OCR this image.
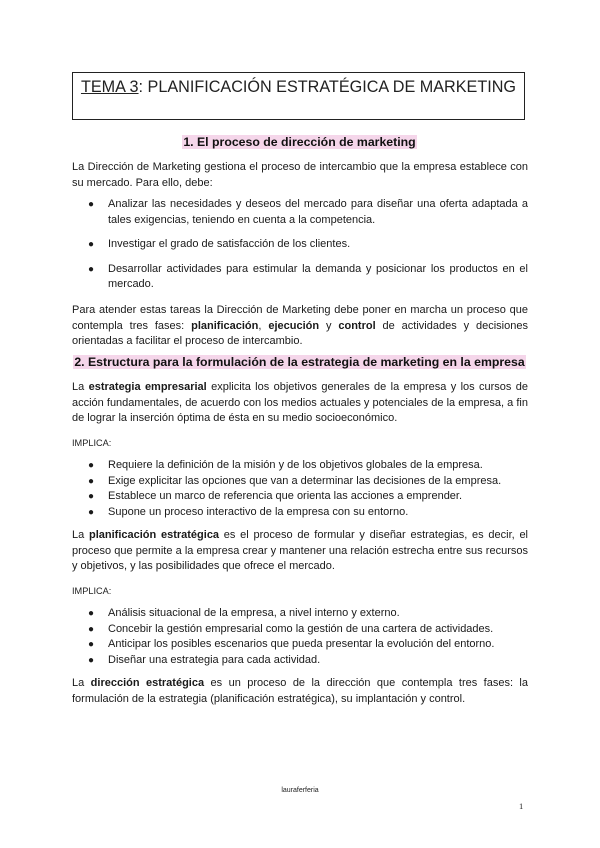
TEMA 3: PLANIFICACIÓN ESTRATÉGICA DE MARKETING
1. El proceso de dirección de marketing
La Dirección de Marketing gestiona el proceso de intercambio que la empresa establece con su mercado. Para ello, debe:
● Analizar las necesidades y deseos del mercado para diseñar una oferta adaptada a tales exigencias, teniendo en cuenta a la competencia.
● Investigar el grado de satisfacción de los clientes.
● Desarrollar actividades para estimular la demanda y posicionar los productos en el mercado.
Para atender estas tareas la Dirección de Marketing debe poner en marcha un proceso que contempla tres fases: planificación, ejecución y control de actividades y decisiones orientadas a facilitar el proceso de intercambio.
2. Estructura para la formulación de la estrategia de marketing en la empresa
La estrategia empresarial explicita los objetivos generales de la empresa y los cursos de acción fundamentales, de acuerdo con los medios actuales y potenciales de la empresa, a fin de lograr la inserción óptima de ésta en su medio socioeconómico.
IMPLICA:
● Requiere la definición de la misión y de los objetivos globales de la empresa.
● Exige explicitar las opciones que van a determinar las decisiones de la empresa.
● Establece un marco de referencia que orienta las acciones a emprender.
● Supone un proceso interactivo de la empresa con su entorno.
La planificación estratégica es el proceso de formular y diseñar estrategias, es decir, el proceso que permite a la empresa crear y mantener una relación estrecha entre sus recursos y objetivos, y las posibilidades que ofrece el mercado.
IMPLICA:
● Análisis situacional de la empresa, a nivel interno y externo.
● Concebir la gestión empresarial como la gestión de una cartera de actividades.
● Anticipar los posibles escenarios que pueda presentar la evolución del entorno.
● Diseñar una estrategia para cada actividad.
La dirección estratégica es un proceso de la dirección que contempla tres fases: la formulación de la estrategia (planificación estratégica), su implantación y control.
lauraferferia
1
